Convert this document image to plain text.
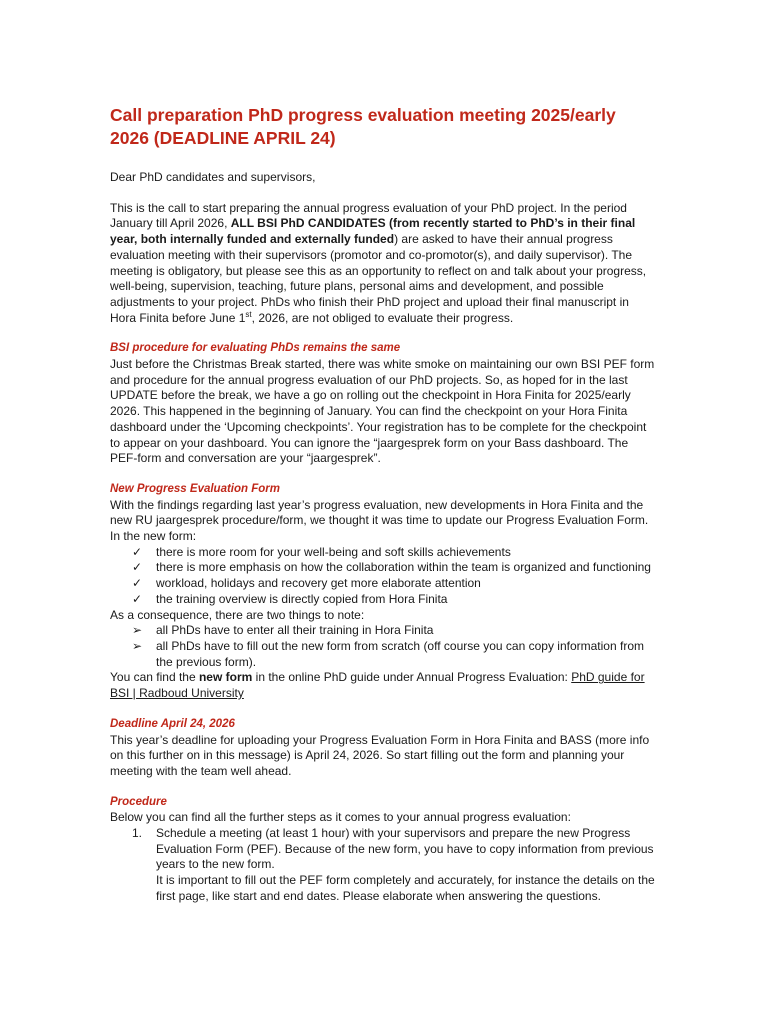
Call preparation PhD progress evaluation meeting 2025/early 2026 (DEADLINE APRIL 24)

Dear PhD candidates and supervisors,

This is the call to start preparing the annual progress evaluation of your PhD project. In the period January till April 2026, ALL BSI PhD CANDIDATES (from recently started to PhD’s in their final year, both internally funded and externally funded) are asked to have their annual progress evaluation meeting with their supervisors (promotor and co-promotor(s), and daily supervisor). The meeting is obligatory, but please see this as an opportunity to reflect on and talk about your progress, well-being, supervision, teaching, future plans, personal aims and development, and possible adjustments to your project. PhDs who finish their PhD project and upload their final manuscript in Hora Finita before June 1st, 2026, are not obliged to evaluate their progress.

BSI procedure for evaluating PhDs remains the same

Just before the Christmas Break started, there was white smoke on maintaining our own BSI PEF form and procedure for the annual progress evaluation of our PhD projects. So, as hoped for in the last UPDATE before the break, we have a go on rolling out the checkpoint in Hora Finita for 2025/early 2026. This happened in the beginning of January. You can find the checkpoint on your Hora Finita dashboard under the ‘Upcoming checkpoints’. Your registration has to be complete for the checkpoint to appear on your dashboard. You can ignore the “jaargesprek form on your Bass dashboard. The PEF-form and conversation are your “jaargesprek”.

New Progress Evaluation Form

With the findings regarding last year’s progress evaluation, new developments in Hora Finita and the new RU jaargesprek procedure/form, we thought it was time to update our Progress Evaluation Form. In the new form:

✓	there is more room for your well-being and soft skills achievements
✓	there is more emphasis on how the collaboration within the team is organized and functioning
✓	workload, holidays and recovery get more elaborate attention
✓	the training overview is directly copied from Hora Finita

As a consequence, there are two things to note:

➢	all PhDs have to enter all their training in Hora Finita
➢	all PhDs have to fill out the new form from scratch (off course you can copy information from the previous form).

You can find the new form in the online PhD guide under Annual Progress Evaluation: PhD guide for BSI | Radboud University

Deadline April 24, 2026

This year’s deadline for uploading your Progress Evaluation Form in Hora Finita and BASS (more info on this further on in this message) is April 24, 2026. So start filling out the form and planning your meeting with the team well ahead.

Procedure

Below you can find all the further steps as it comes to your annual progress evaluation:

1. Schedule a meeting (at least 1 hour) with your supervisors and prepare the new Progress Evaluation Form (PEF). Because of the new form, you have to copy information from previous years to the new form.
It is important to fill out the PEF form completely and accurately, for instance the details on the first page, like start and end dates. Please elaborate when answering the questions.
